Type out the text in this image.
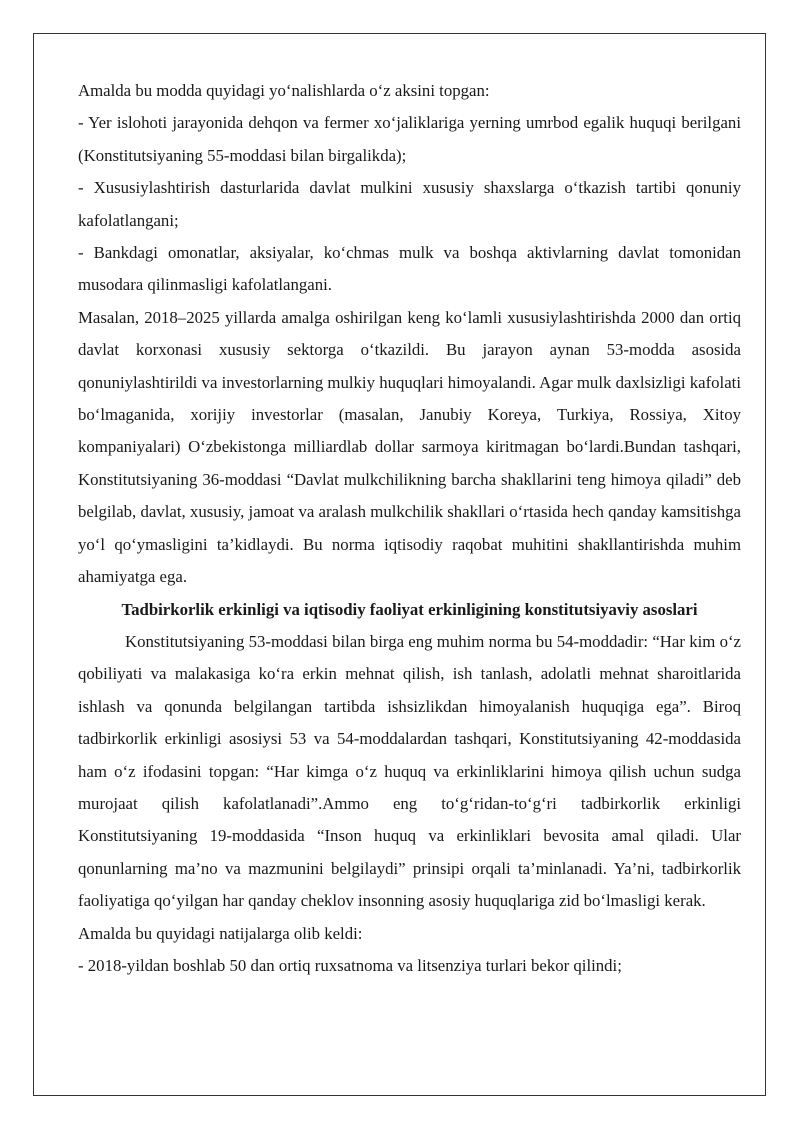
Amalda bu modda quyidagi yo‘nalishlarda o‘z aksini topgan:

- Yer islohoti jarayonida dehqon va fermer xo‘jaliklariga yerning umrbod egalik huquqi berilgani (Konstitutsiyaning 55-moddasi bilan birgalikda);

- Xususiylashtirish dasturlarida davlat mulkini xususiy shaxslarga o‘tkazish tartibi qonuniy kafolatlangani;

- Bankdagi omonatlar, aksiyalar, ko‘chmas mulk va boshqa aktivlarning davlat tomonidan musodara qilinmasligi kafolatlangani.

Masalan, 2018–2025 yillarda amalga oshirilgan keng ko‘lamli xususiylashtirishda 2000 dan ortiq davlat korxonasi xususiy sektorga o‘tkazildi. Bu jarayon aynan 53-modda asosida qonuniylashtirildi va investorlarning mulkiy huquqlari himoyalandi. Agar mulk daxlsizligi kafolati bo‘lmaganida, xorijiy investorlar (masalan, Janubiy Koreya, Turkiya, Rossiya, Xitoy kompaniyalari) O‘zbekistonga milliardlab dollar sarmoya kiritmagan bo‘lardi.Bundan tashqari, Konstitutsiyaning 36-moddasi “Davlat mulkchilikning barcha shakllarini teng himoya qiladi” deb belgilab, davlat, xususiy, jamoat va aralash mulkchilik shakllari o‘rtasida hech qanday kamsitishga yo‘l qo‘ymasligini ta’kidlaydi. Bu norma iqtisodiy raqobat muhitini shakllantirishda muhim ahamiyatga ega.

Tadbirkorlik erkinligi va iqtisodiy faoliyat erkinligining konstitutsiyaviy asoslari

Konstitutsiyaning 53-moddasi bilan birga eng muhim norma bu 54-moddadir: “Har kim o‘z qobiliyati va malakasiga ko‘ra erkin mehnat qilish, ish tanlash, adolatli mehnat sharoitlarida ishlash va qonunda belgilangan tartibda ishsizlikdan himoyalanish huquqiga ega”. Biroq tadbirkorlik erkinligi asosiysi 53 va 54-moddalardan tashqari, Konstitutsiyaning 42-moddasida ham o‘z ifodasini topgan: “Har kimga o‘z huquq va erkinliklarini himoya qilish uchun sudga murojaat qilish kafolatlanadi”.Ammo eng to‘g‘ridan-to‘g‘ri tadbirkorlik erkinligi Konstitutsiyaning 19-moddasida “Inson huquq va erkinliklari bevosita amal qiladi. Ular qonunlarning ma’no va mazmunini belgilaydi” prinsipi orqali ta’minlanadi. Ya’ni, tadbirkorlik faoliyatiga qo‘yilgan har qanday cheklov insonning asosiy huquqlariga zid bo‘lmasligi kerak.

Amalda bu quyidagi natijalarga olib keldi:

- 2018-yildan boshlab 50 dan ortiq ruxsatnoma va litsenziya turlari bekor qilindi;
